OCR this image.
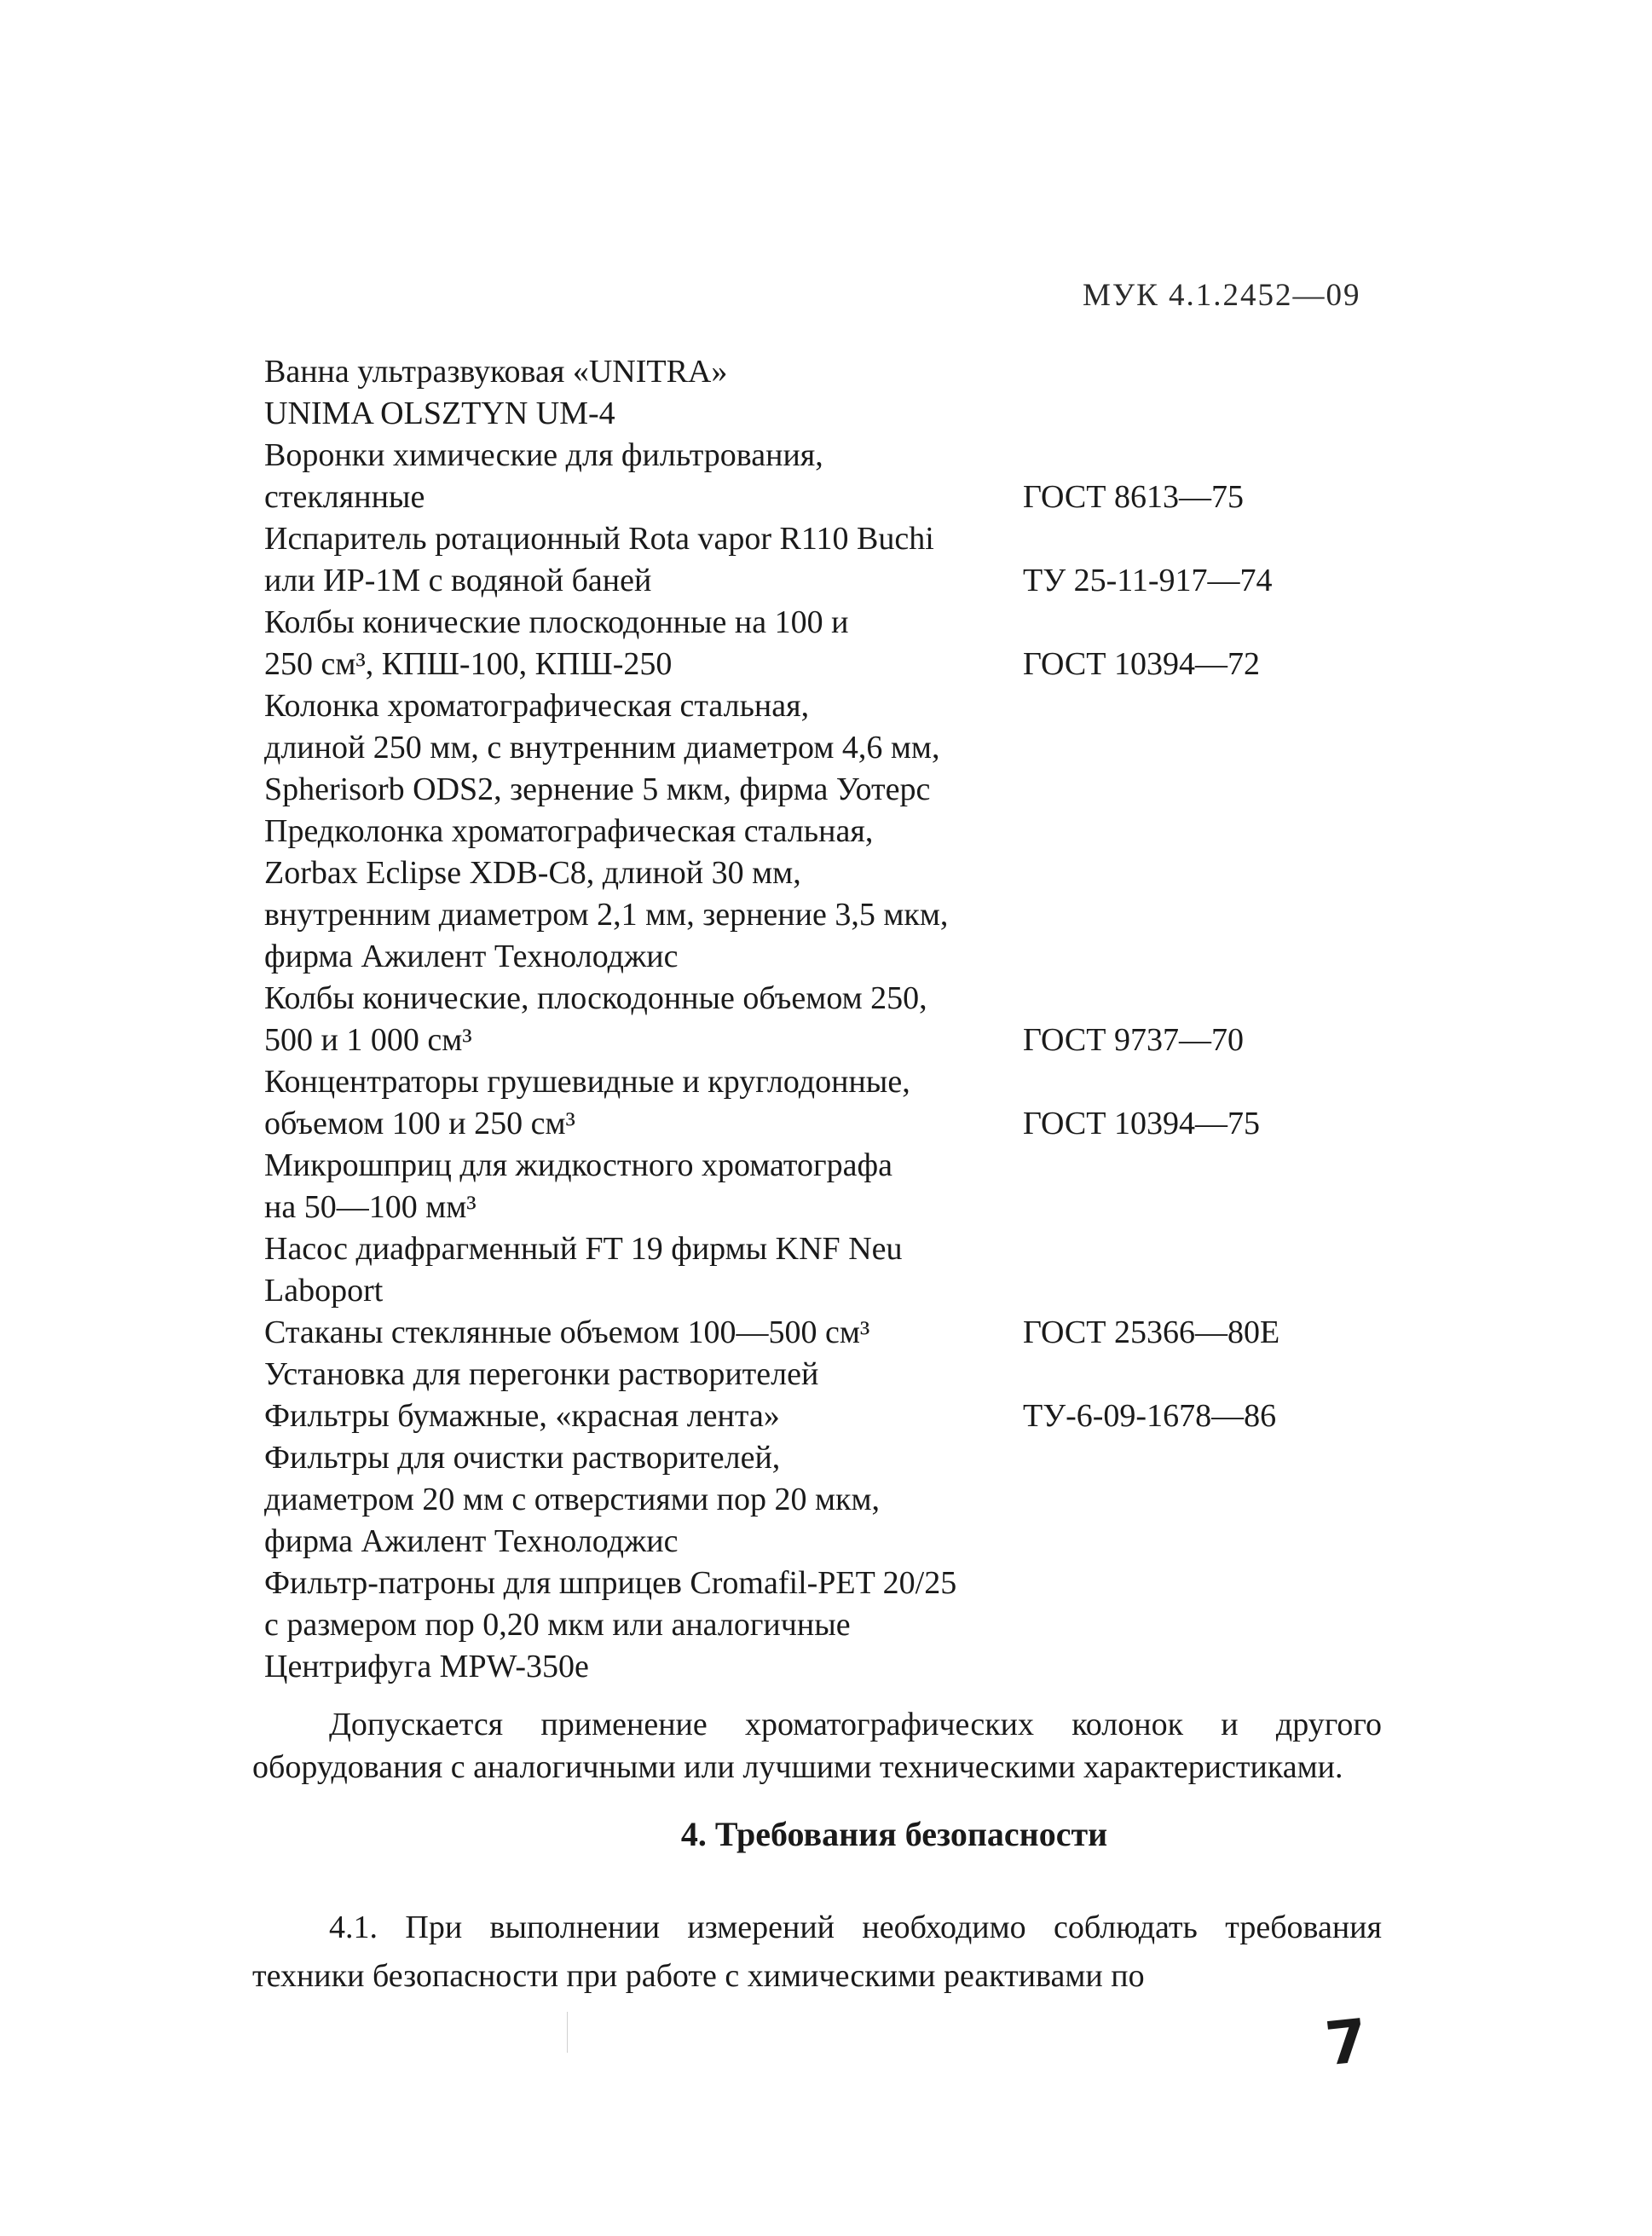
МУК 4.1.2452—09
Ванна ультразвуковая «UNITRA»
UNIMA OLSZTYN UM-4
Воронки химические для фильтрования,
стеклянные	ГОСТ 8613—75
Испаритель ротационный Rota vapor R110 Buchi
или ИР-1М с водяной баней	ТУ 25-11-917—74
Колбы конические плоскодонные на 100 и
250 см³, КПШ-100, КПШ-250	ГОСТ 10394—72
Колонка хроматографическая стальная,
длиной 250 мм, с внутренним диаметром 4,6 мм,
Spherisorb ODS2, зернение 5 мкм, фирма Уотерс
Предколонка хроматографическая стальная,
Zorbax Eclipse XDB-C8, длиной 30 мм,
внутренним диаметром 2,1 мм, зернение 3,5 мкм,
фирма Ажилент Технолоджис
Колбы конические, плоскодонные объемом 250,
500 и 1 000 см³	ГОСТ 9737—70
Концентраторы грушевидные и круглодонные,
объемом 100 и 250 см³	ГОСТ 10394—75
Микрошприц для жидкостного хроматографа
на 50—100 мм³
Насос диафрагменный FT 19 фирмы KNF Neu
Laboport
Стаканы стеклянные объемом 100—500 см³	ГОСТ 25366—80Е
Установка для перегонки растворителей
Фильтры бумажные, «красная лента»	ТУ-6-09-1678—86
Фильтры для очистки растворителей,
диаметром 20 мм с отверстиями пор 20 мкм,
фирма Ажилент Технолоджис
Фильтр-патроны для шприцев Cromafil-PET 20/25
с размером пор 0,20 мкм или аналогичные
Центрифуга MPW-350e

Допускается применение хроматографических колонок и другого оборудования с аналогичными или лучшими техническими характеристиками.

4. Требования безопасности

4.1. При выполнении измерений необходимо соблюдать требования техники безопасности при работе с химическими реактивами по

7
